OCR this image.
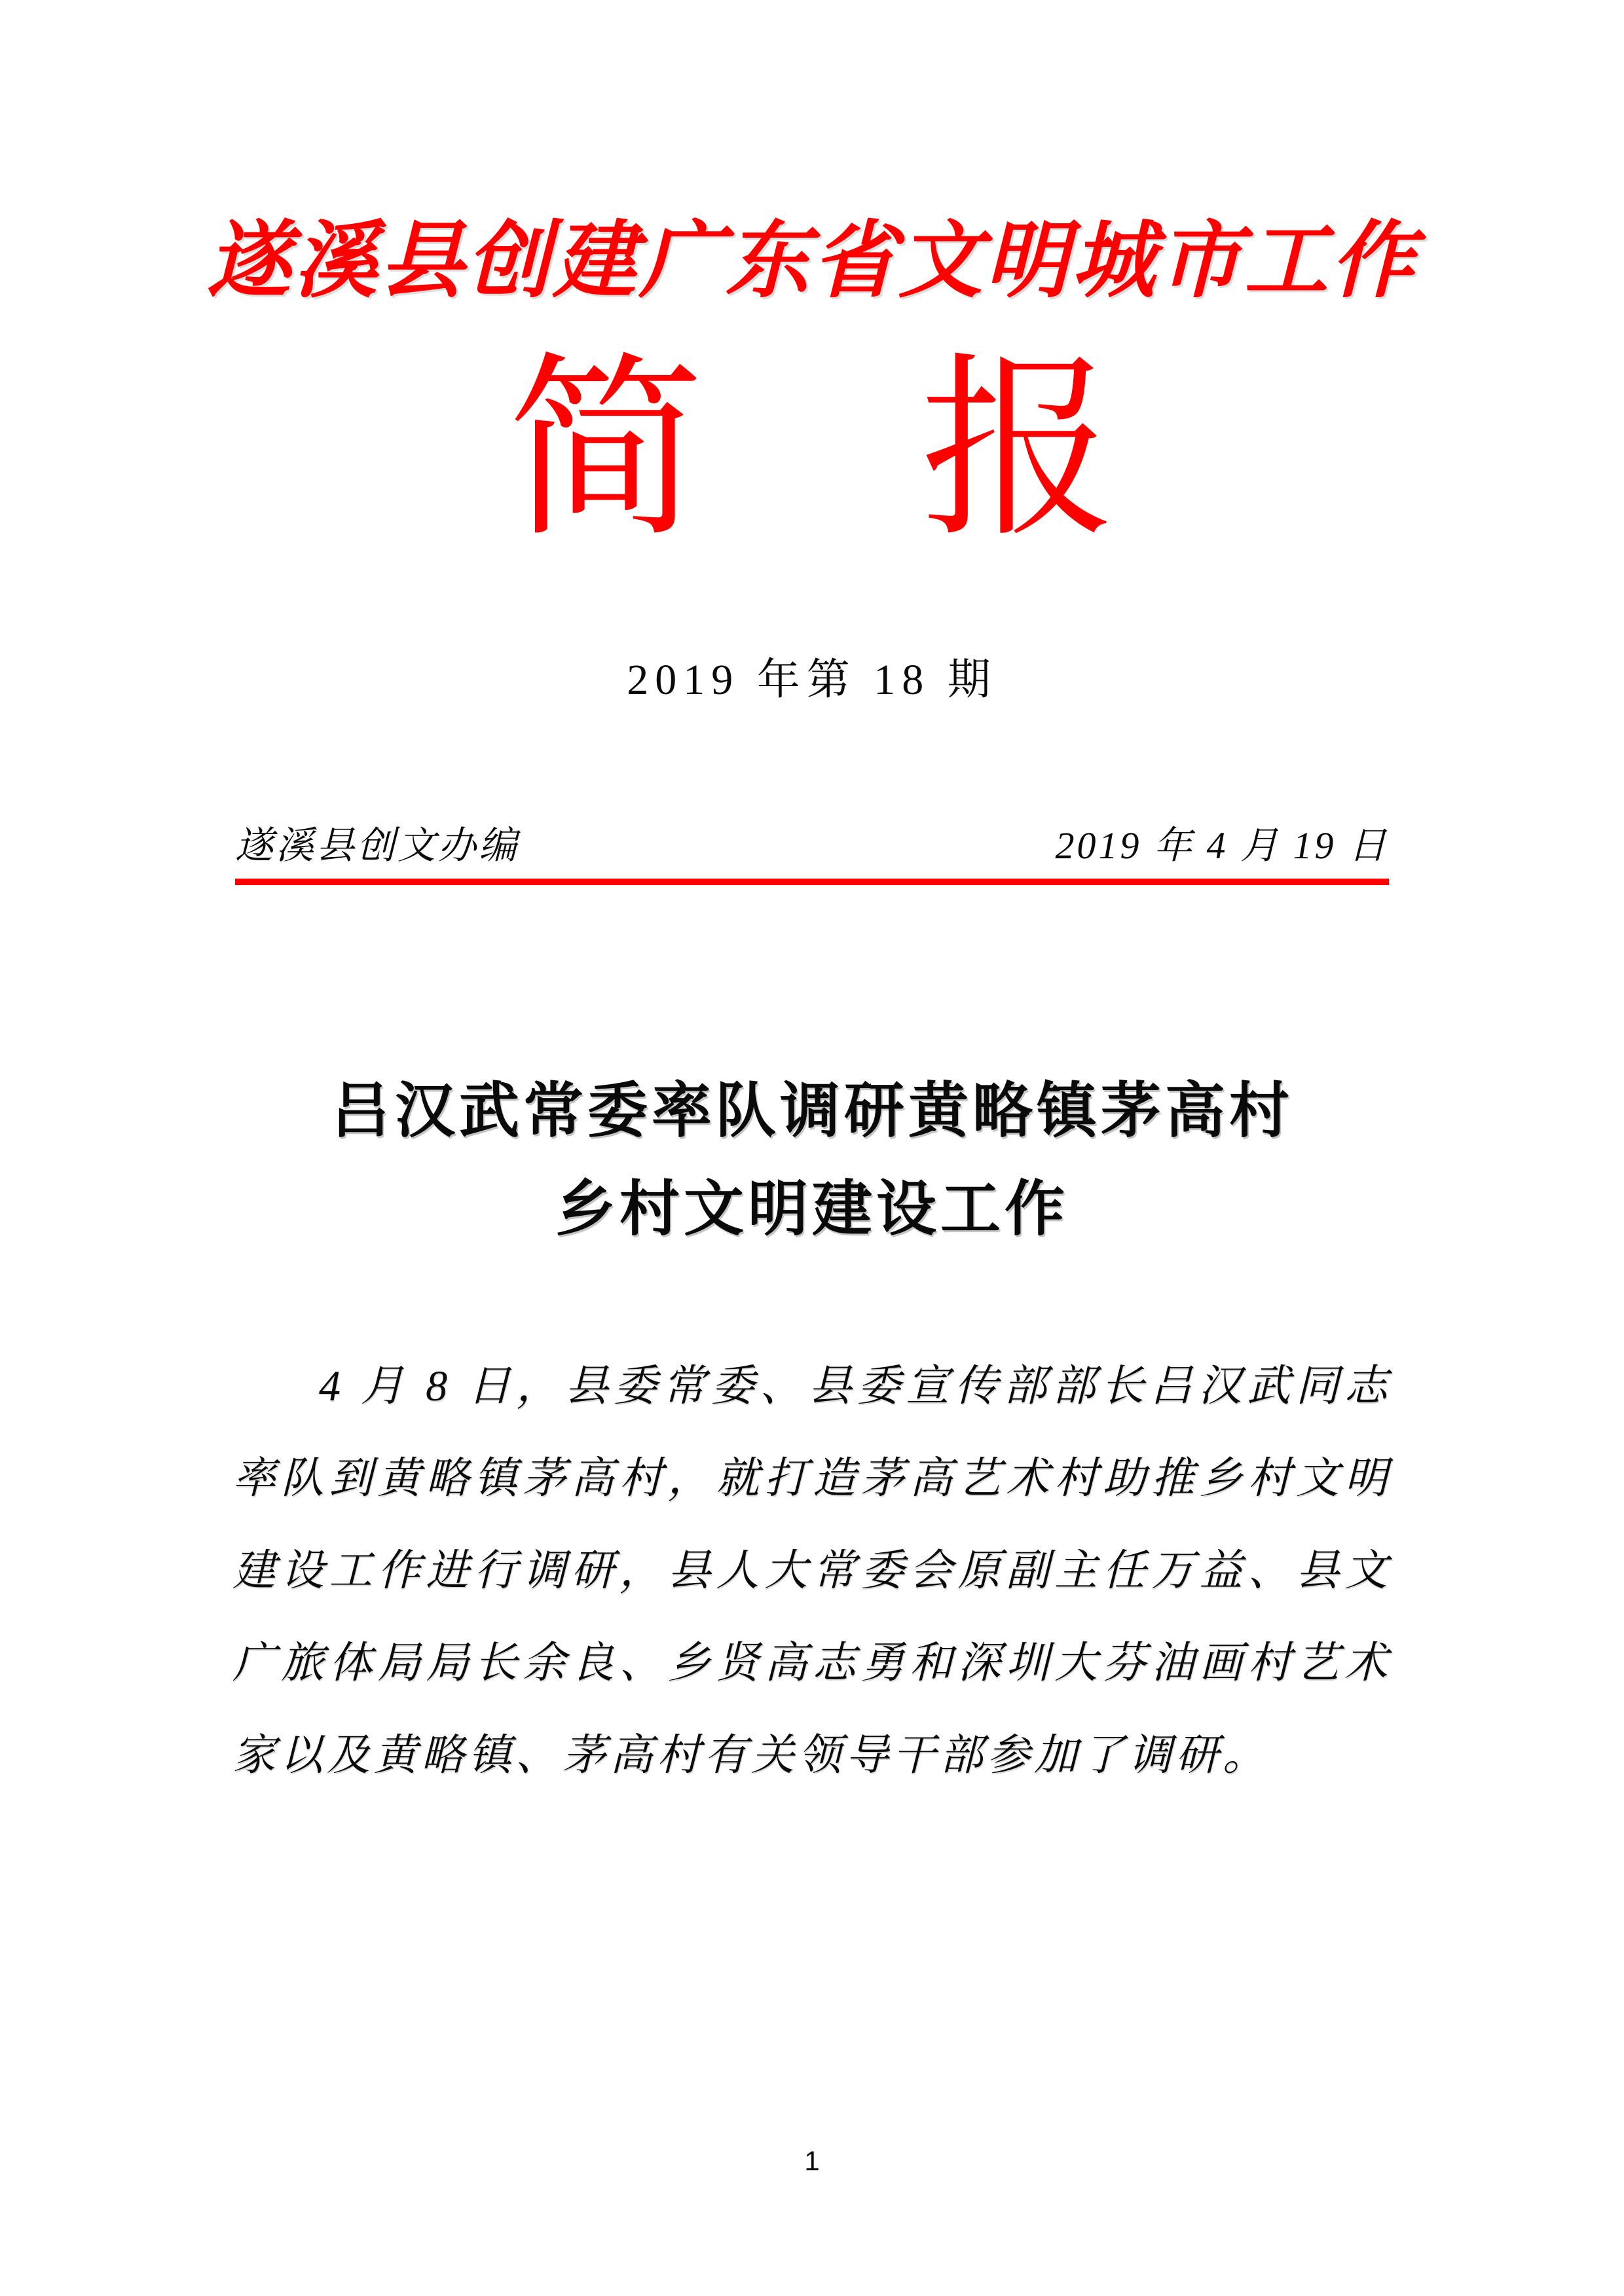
遂溪县创建广东省文明城市工作
简 报
2019 年第 18 期
遂溪县创文办编	2019 年 4 月 19 日
吕汉武常委率队调研黄略镇茅高村
乡村文明建设工作
4 月 8 日，县委常委、县委宣传部部长吕汉武同志率队到黄略镇茅高村，就打造茅高艺术村助推乡村文明建设工作进行调研，县人大常委会原副主任万益、县文广旅体局局长余良、乡贤高志勇和深圳大芬油画村艺术家以及黄略镇、茅高村有关领导干部参加了调研。
1
